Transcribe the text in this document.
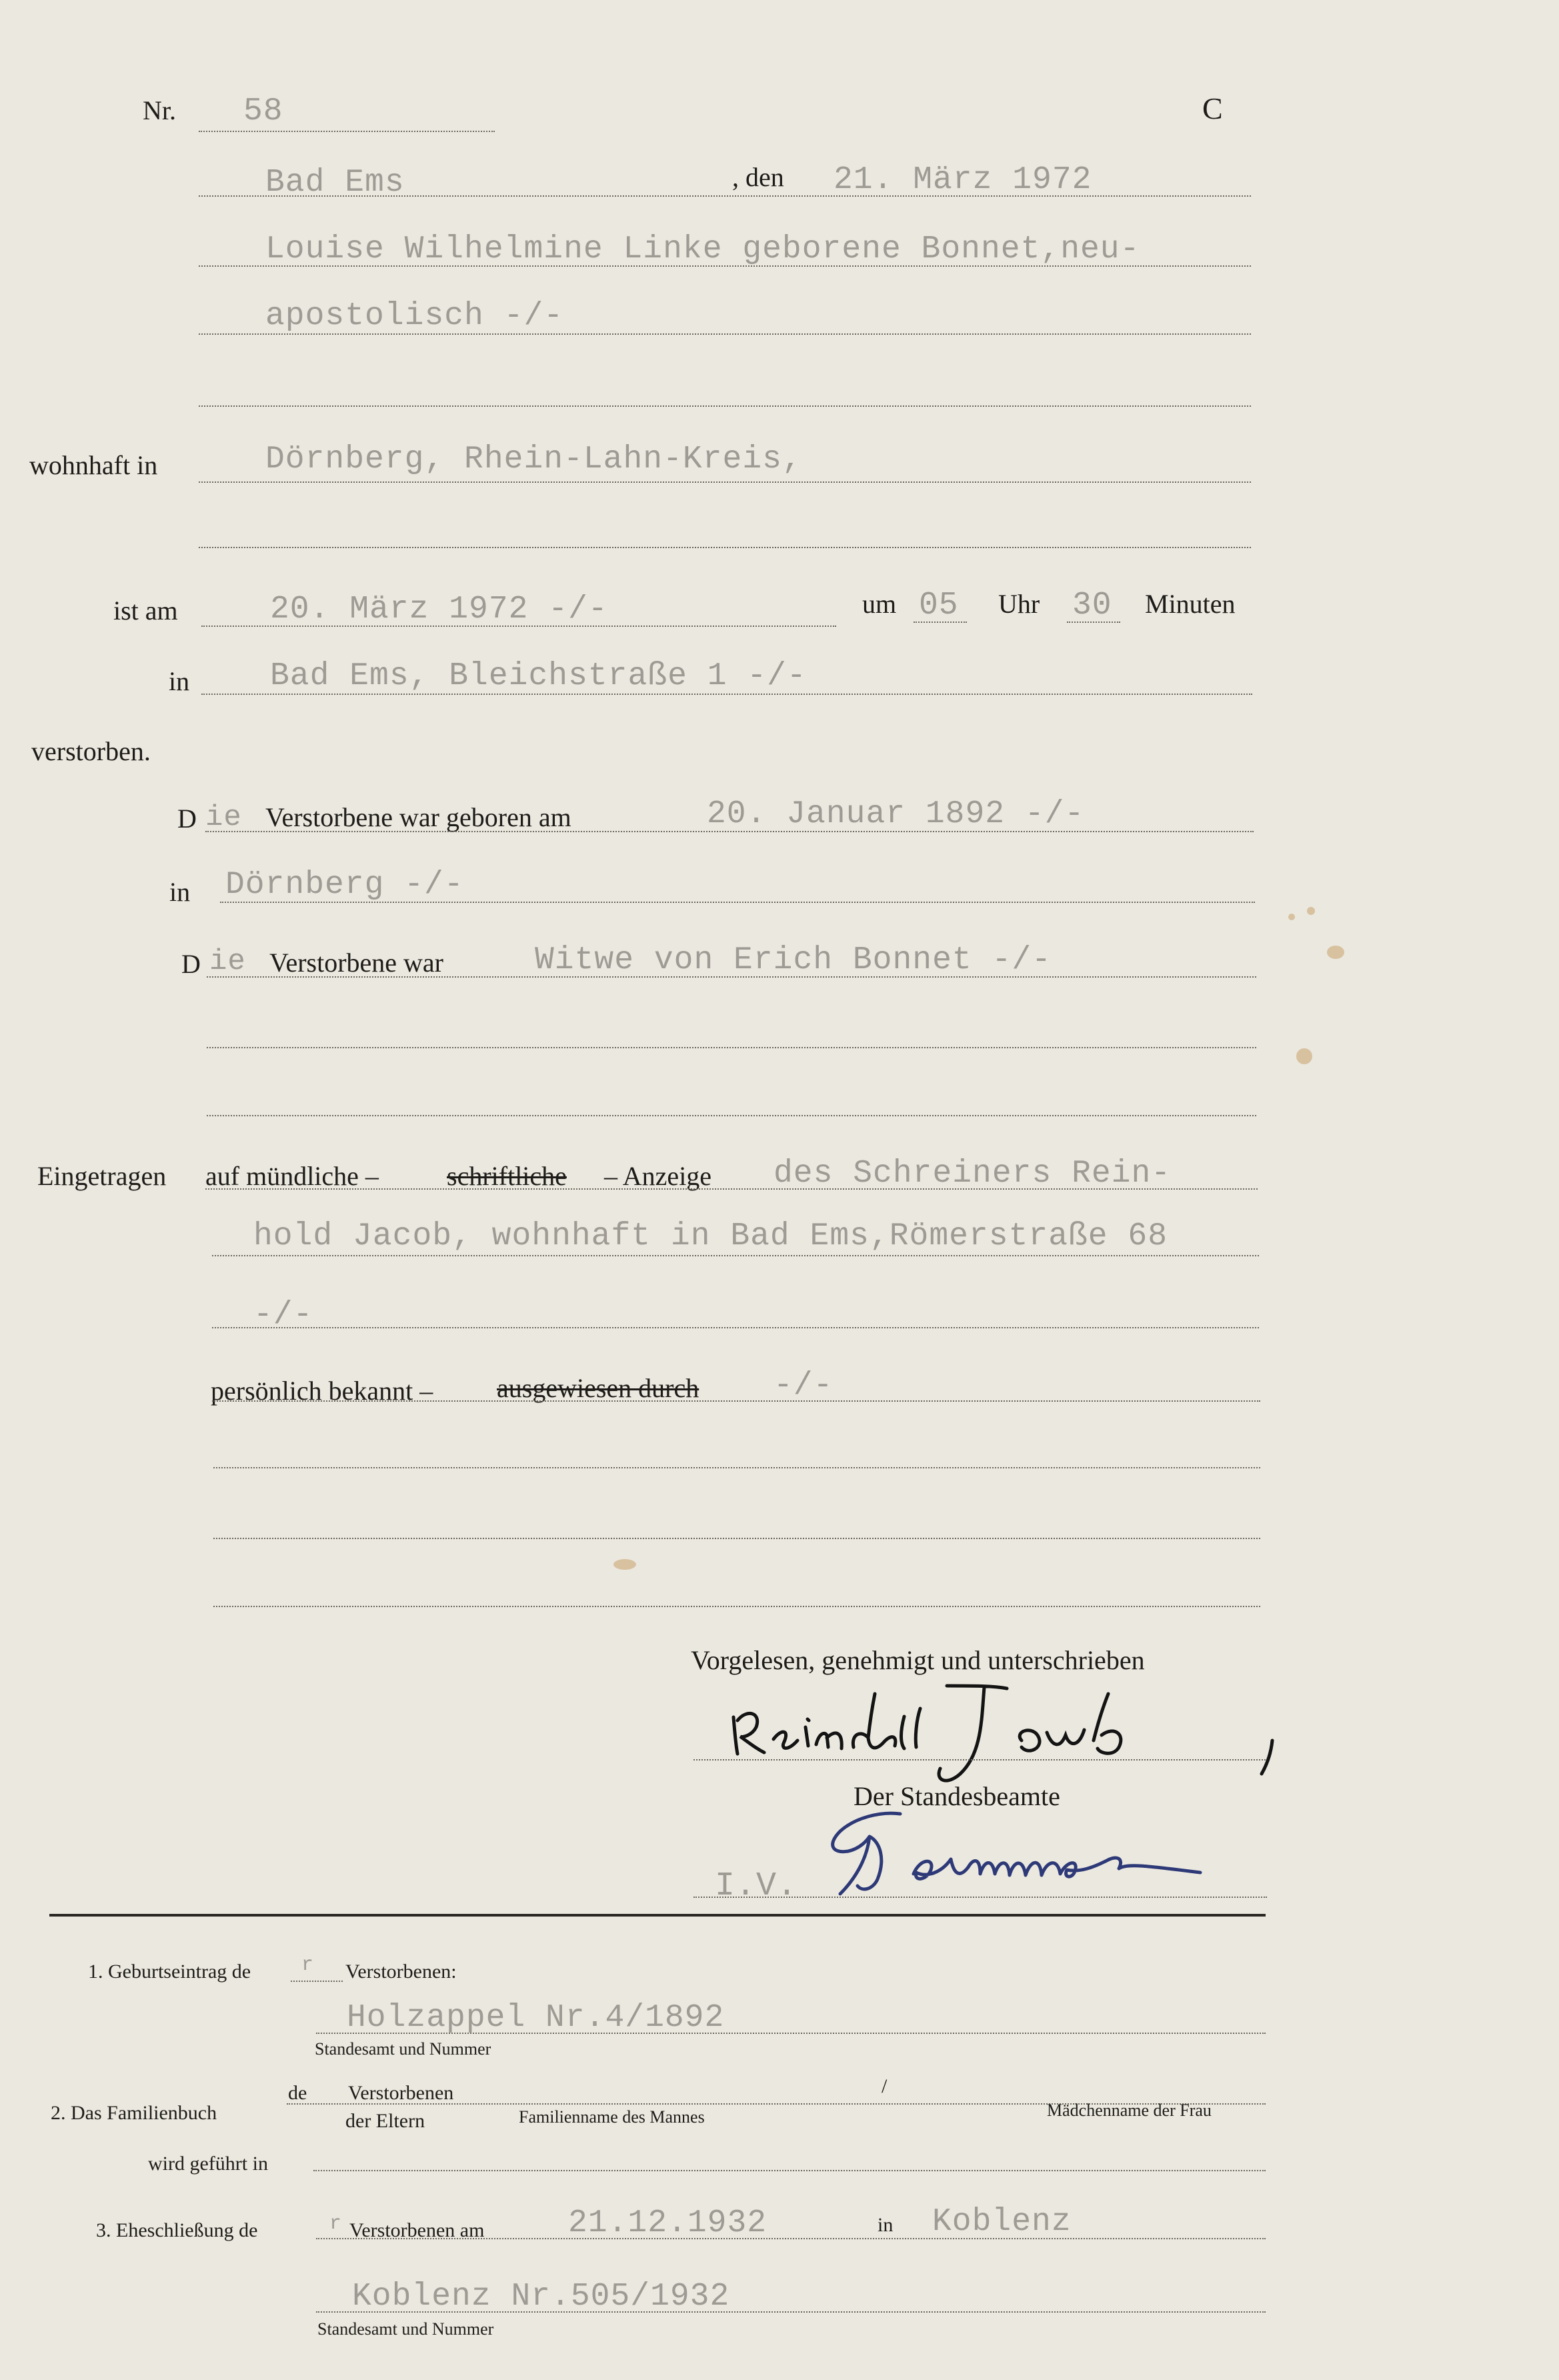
Nr. 58	C
Bad Ems	, den 21. März 1972
Louise Wilhelmine Linke geborene Bonnet,neu-
apostolisch -/-
wohnhaft in	Dörnberg, Rhein-Lahn-Kreis,
ist am	20. März 1972 -/-	um 05 Uhr 30 Minuten
in	Bad Ems, Bleichstraße 1 -/-
verstorben.
D ie Verstorbene war geboren am	20. Januar 1892 -/-
in Dörnberg -/-
D ie Verstorbene war	Witwe von Erich Bonnet -/-
Eingetragen auf mündliche –	schriftliche – Anzeige des Schreiners Rein-
hold Jacob, wohnhaft in Bad Ems,Römerstraße 68
-/-
persönlich bekannt – ausgewiesen durch -/-
Vorgelesen, genehmigt und unterschrieben
Der Standesbeamte
I.V.
1. Geburtseintrag de	r Verstorbenen:
Holzappel Nr.4/1892
Standesamt und Nummer
2. Das Familienbuch
de Verstorbenen
der Eltern	Familienname des Mannes
/
Mädchenname der Frau
wird geführt in
3. Eheschließung de	r Verstorbenen am	21.12.1932	in Koblenz
Koblenz Nr.505/1932
Standesamt und Nummer
